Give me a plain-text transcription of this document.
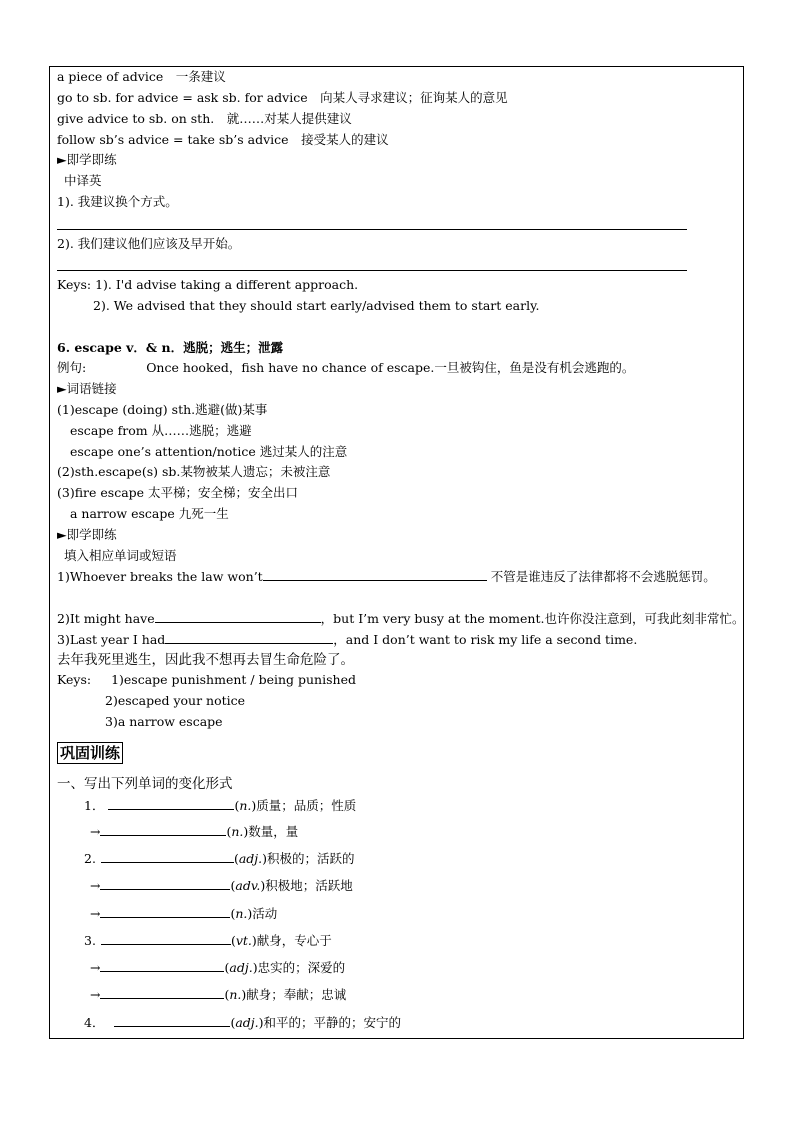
a piece of advice　一条建议
go to sb. for advice = ask sb. for advice　向某人寻求建议；征询某人的意见
give advice to sb. on sth.　就……对某人提供建议
follow sb’s advice = take sb’s advice　接受某人的建议
►即学即练
中译英
1). 我建议换个方式。
2). 我们建议他们应该及早开始。
Keys: 1). I'd advise taking a different approach.
2). We advised that they should start early/advised them to start early.
6. escape v．& n．逃脱；逃生；泄露
例句:	Once hooked，fish have no chance of escape.一旦被钩住，鱼是没有机会逃跑的。
►词语链接
(1)escape (doing) sth.逃避(做)某事
escape from 从……逃脱；逃避
escape one’s attention/notice 逃过某人的注意
(2)sth.escape(s) sb.某物被某人遗忘；未被注意
(3)fire escape 太平梯；安全梯；安全出口
a narrow escape 九死一生
►即学即练
填入相应单词或短语
1)Whoever breaks the law won’t	不管是谁违反了法律都将不会逃脱惩罚。
2)It might have	，but I’m very busy at the moment.也许你没注意到，可我此刻非常忙。
3)Last year I had	，and I don’t want to risk my life a second time.
去年我死里逃生，因此我不想再去冒生命危险了。
Keys: 1)escape punishment / being punished
2)escaped your notice
3)a narrow escape
巩固训练
一、写出下列单词的变化形式
1．	(n.)质量；品质；性质
→	(n.)数量，量
2.	(adj.)积极的；活跃的
→	(adv.)积极地；活跃地
→	(n.)活动
3.	(vt.)献身，专心于
→	(adj.)忠实的；深爱的
→	(n.)献身；奉献；忠诚
4．	(adj.)和平的；平静的；安宁的
